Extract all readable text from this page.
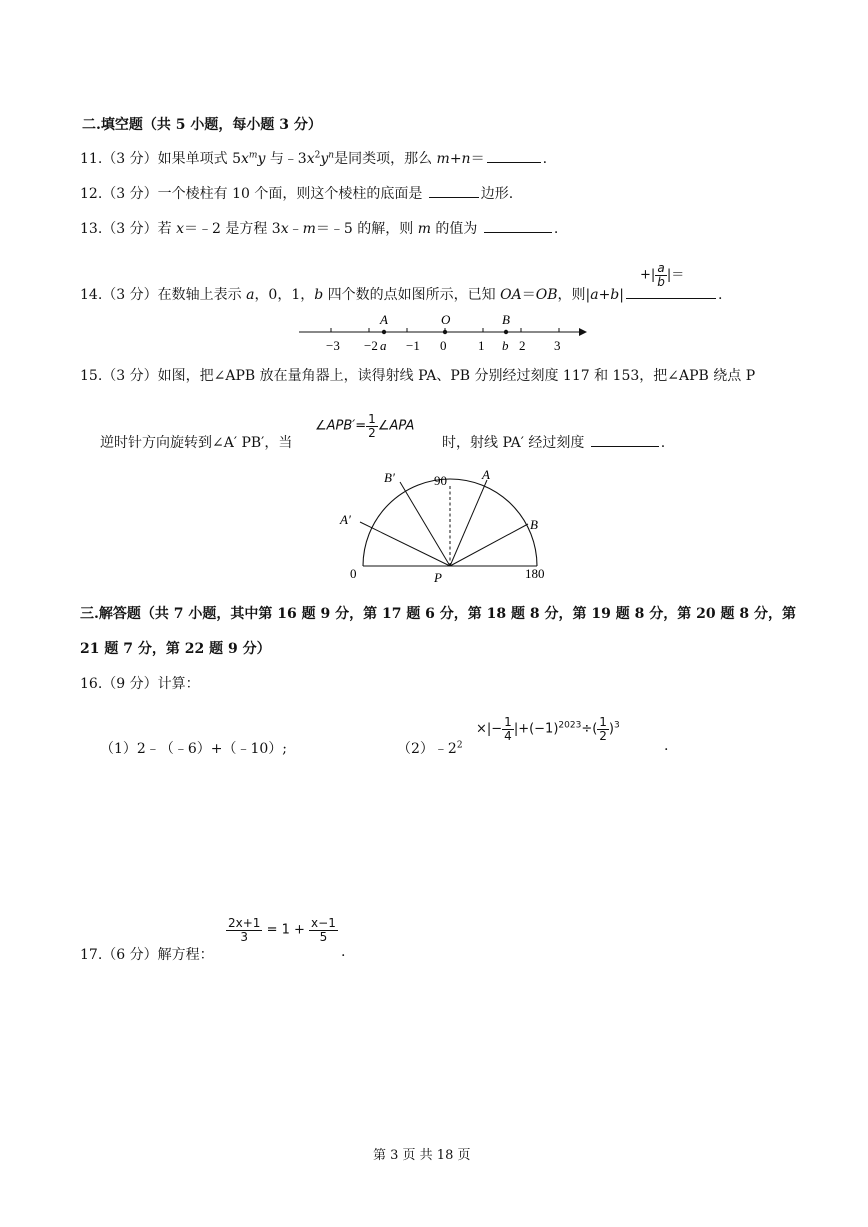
二.填空题（共 5 小题，每小题 3 分）
11.（3 分）如果单项式 $5x^my$ 与$﹣3x^2y^n$是同类项，那么 m+n＝	.
12.（3 分）一个棱柱有 10 个面，则这个棱柱的底面是	边形.
13.（3 分）若 x＝﹣2 是方程 3x﹣m＝﹣5 的解，则 m 的值为	.
+| $\frac{a}{b}$ |＝
14.（3 分）在数轴上表示 a，0，1，b 四个数的点如图所示，已知 OA＝OB，则|a+b|	.
−3 −2 −1 0 1	2 3
A	O	B
a	b
15.（3 分）如图，把∠APB 放在量角器上，读得射线 PA、PB 分别经过刻度 117 和 153，把∠APB 绕点 P
逆时针方向旋转到∠A′ PB′，当
∠APB′= $\frac{1}{2}$ ∠APA
时，射线 PA′ 经过刻度	.
0
90
180
P
A
B
A′
B′
三.解答题（共 7 小题，其中第 16 题 9 分，第 17 题 6 分，第 18 题 8 分，第 19 题 8 分，第 20 题 8 分，第
21 题 7 分，第 22 题 9 分）
16.（9 分）计算：
（1）2﹣（﹣6）+（﹣10）;	$(2)﹣2^2$
×|− $\frac{1}{4} |+(-1)^{2023}\div( \frac{1}{2} )^3$
.
17.（6 分）解方程：
$\frac{2x+1}{3} = 1 + \frac{x-1}{5}$
.
第 3 页 共 18 页
